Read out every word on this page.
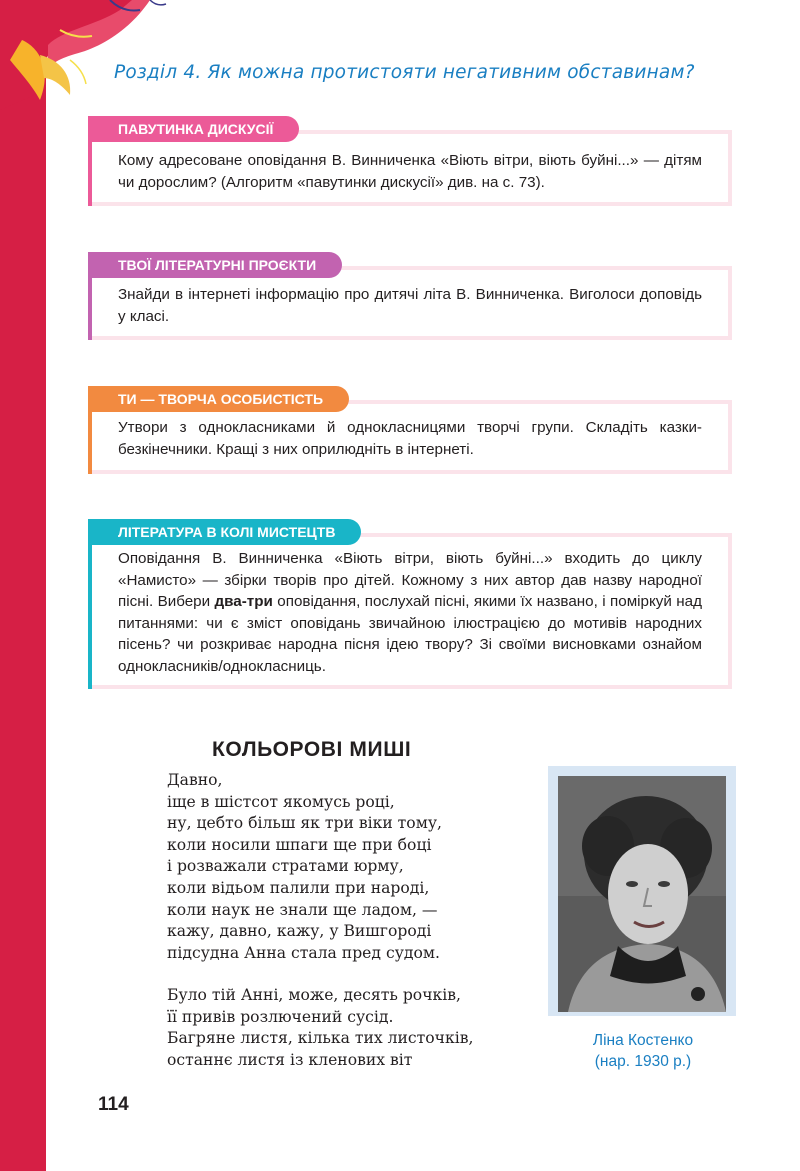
Розділ 4. Як можна протистояти негативним обставинам?
ПАВУТИНКА ДИСКУСІЇ
Кому адресоване оповідання В. Винниченка «Віють вітри, віють буйні...» — дітям чи дорослим? (Алгоритм «павутинки дискусії» див. на с. 73).
ТВОЇ ЛІТЕРАТУРНІ ПРОЄКТИ
Знайди в інтернеті інформацію про дитячі літа В. Винниченка. Виголоси доповідь у класі.
ТИ — ТВОРЧА ОСОБИСТІСТЬ
Утвори з однокласниками й однокласницями творчі групи. Складіть казки-безкінечники. Кращі з них оприлюдніть в інтернеті.
ЛІТЕРАТУРА В КОЛІ МИСТЕЦТВ
Оповідання В. Винниченка «Віють вітри, віють буйні...» входить до циклу «Намисто» — збірки творів про дітей. Кожному з них автор дав назву народної пісні. Вибери два-три оповідання, послухай пісні, якими їх названо, і поміркуй над питаннями: чи є зміст оповідань звичайною ілюстрацією до мотивів народних пісень? чи розкриває народна пісня ідею твору? Зі своїми висновками ознайом однокласників/однокласниць.
КОЛЬОРОВІ МИШІ
Давно,
іще в шістсот якомусь році,
ну, цебто більш як три віки тому,
коли носили шпаги ще при боці
і розважали стратами юрму,
коли відьом палили при народі,
коли наук не знали ще ладом, —
кажу, давно, кажу, у Вишгороді
підсудна Анна стала пред судом.
Було тій Анні, може, десять рочків,
її привів розлючений сусід.
Багряне листя, кілька тих листочків,
останнє листя із кленових віт
Ліна Костенко
(нар. 1930 р.)
114
